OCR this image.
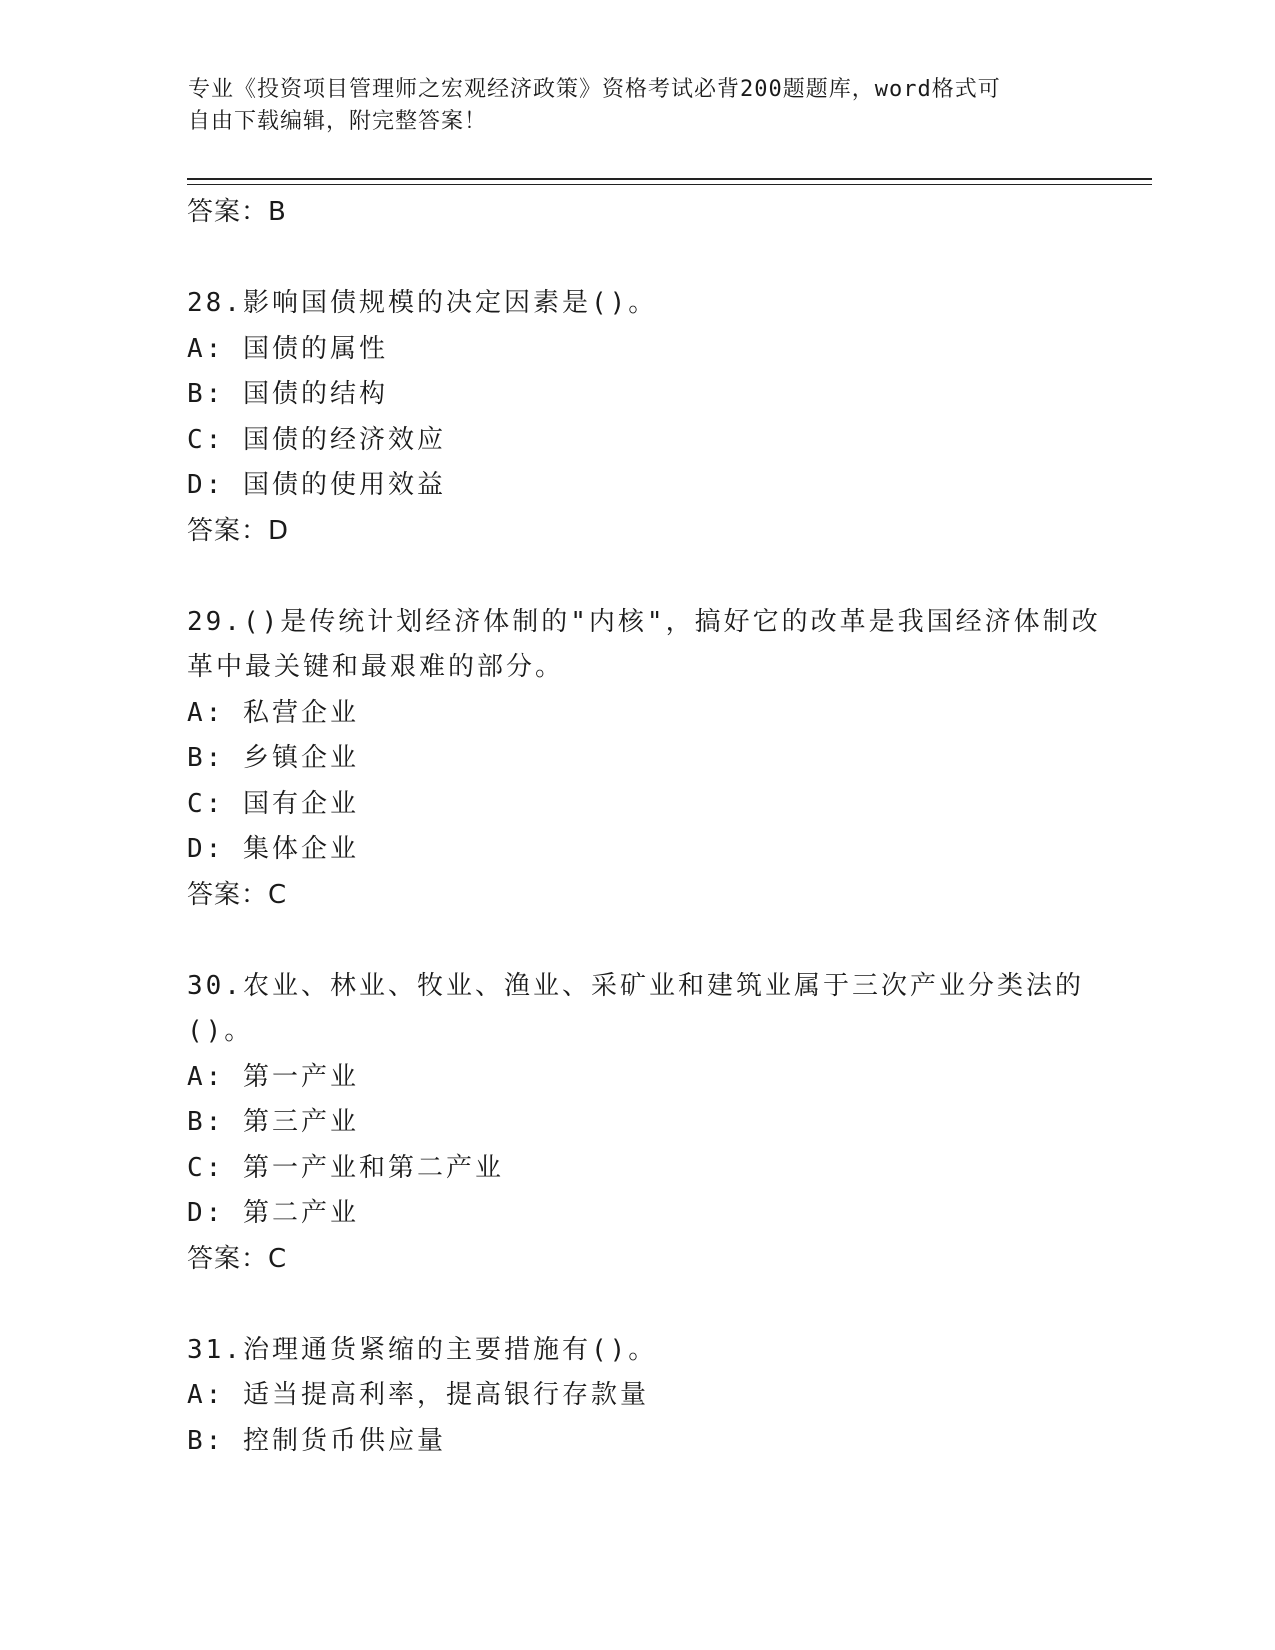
专业《投资项目管理师之宏观经济政策》资格考试必背200题题库，word格式可
自由下载编辑，附完整答案！
答案：B
28.影响国债规模的决定因素是()。
A: 国债的属性
B: 国债的结构
C: 国债的经济效应
D: 国债的使用效益
答案：D
29.()是传统计划经济体制的"内核"，搞好它的改革是我国经济体制改
革中最关键和最艰难的部分。
A: 私营企业
B: 乡镇企业
C: 国有企业
D: 集体企业
答案：C
30.农业、林业、牧业、渔业、采矿业和建筑业属于三次产业分类法的
()。
A: 第一产业
B: 第三产业
C: 第一产业和第二产业
D: 第二产业
答案：C
31.治理通货紧缩的主要措施有()。
A: 适当提高利率，提高银行存款量
B: 控制货币供应量
